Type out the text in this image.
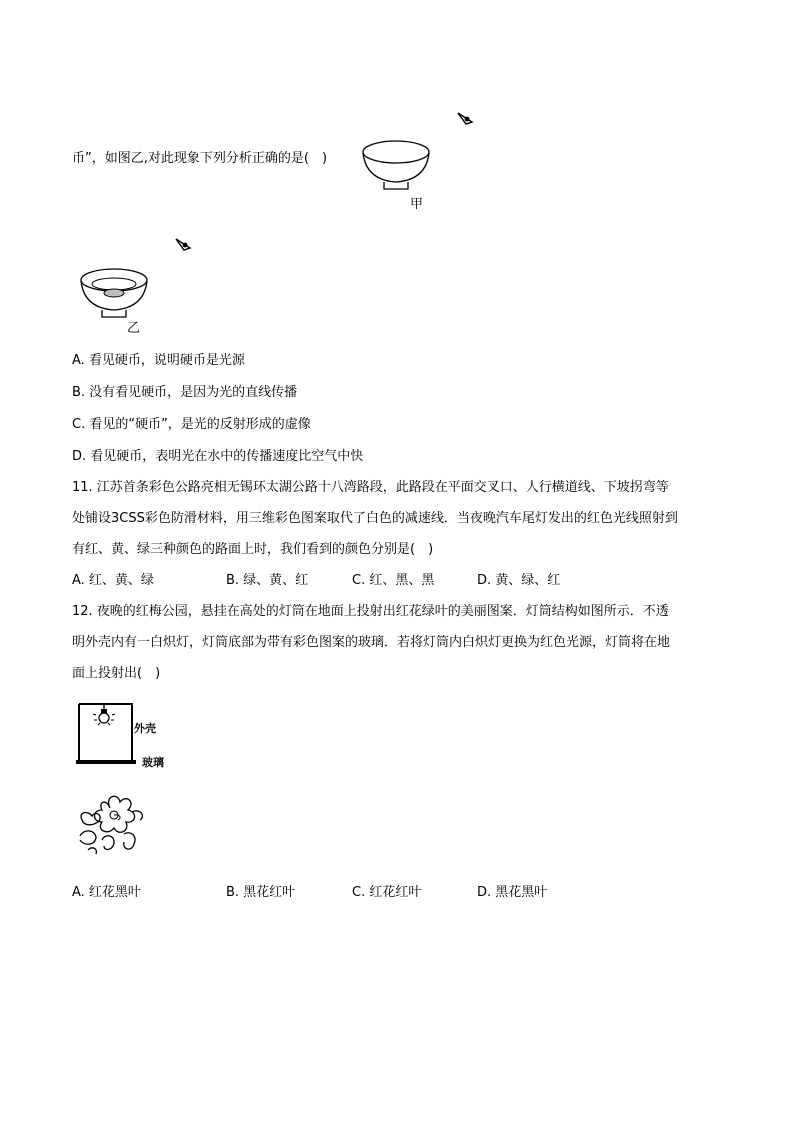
币”，如图乙,对此现象下列分析正确的是(　)
甲
乙
A. 看见硬币，说明硬币是光源
B. 没有看见硬币，是因为光的直线传播
C. 看见的“硬币”，是光的反射形成的虚像
D. 看见硬币，表明光在水中的传播速度比空气中快
11. 江苏首条彩色公路亮相无锡环太湖公路十八湾路段，此路段在平面交叉口、人行横道线、下坡拐弯等
处铺设3CSS彩色防滑材料，用三维彩色图案取代了白色的减速线．当夜晚汽车尾灯发出的红色光线照射到
有红、黄、绿三种颜色的路面上时，我们看到的颜色分别是(　)
A. 红、黄、绿	B. 绿、黄、红	C. 红、黑、黑	D. 黄、绿、红
12. 夜晚的红梅公园，悬挂在高处的灯筒在地面上投射出红花绿叶的美丽图案．灯筒结构如图所示．不透
明外壳内有一白炽灯，灯筒底部为带有彩色图案的玻璃．若将灯筒内白炽灯更换为红色光源，灯筒将在地
面上投射出(　)
外壳
玻璃
A. 红花黑叶	B. 黑花红叶	C. 红花红叶	D. 黑花黑叶
